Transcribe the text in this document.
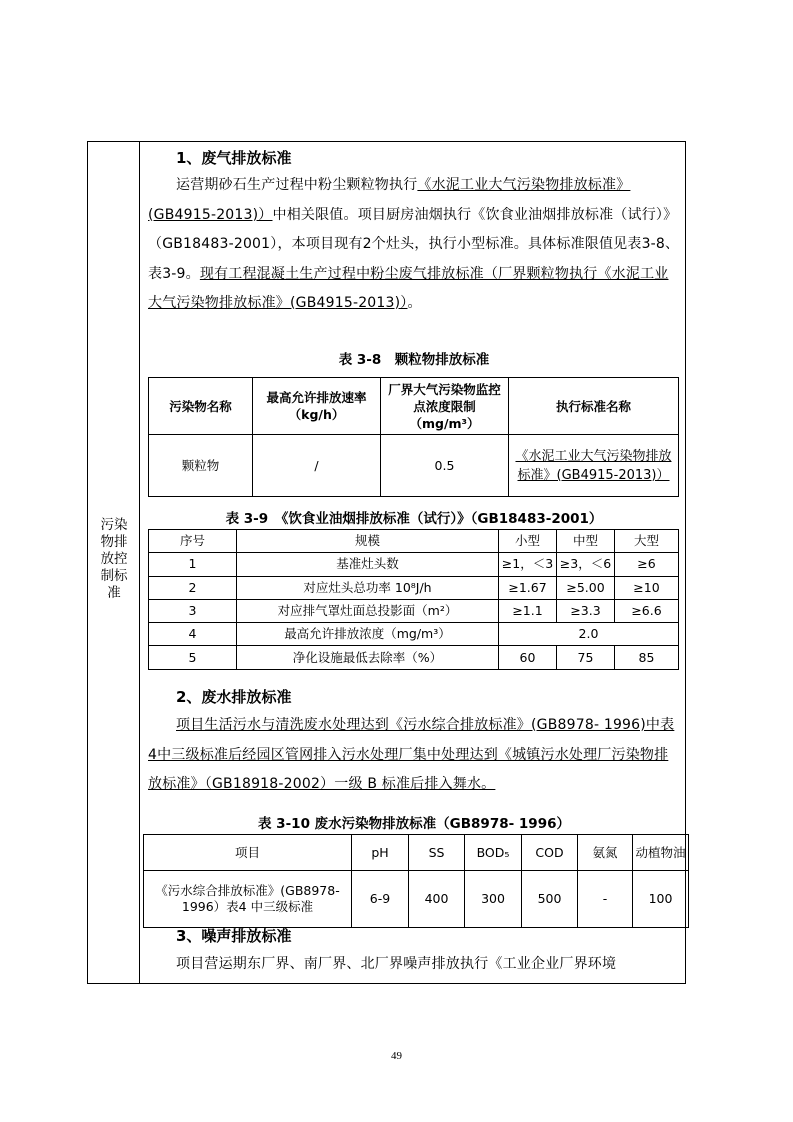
污染物排放控制标准
1、废气排放标准
运营期砂石生产过程中粉尘颗粒物执行《水泥工业大气污染物排放标准》(GB4915-2013)）中相关限值。项目厨房油烟执行《饮食业油烟排放标准（试行）》（GB18483-2001），本项目现有2个灶头，执行小型标准。具体标准限值见表3-8、表3-9。现有工程混凝土生产过程中粉尘废气排放标准（厂界颗粒物执行《水泥工业大气污染物排放标准》(GB4915-2013)）。
表 3-8　颗粒物排放标准
污染物名称	最高允许排放速率（kg/h）	厂界大气污染物监控点浓度限制（mg/m³）	执行标准名称
颗粒物	/	0.5	《水泥工业大气污染物排放标准》(GB4915-2013)）
表 3-9　《饮食业油烟排放标准（试行）》（GB18483-2001）
序号	规模	小型	中型	大型
1	基准灶头数	≥1，＜3	≥3，＜6	≥6
2	对应灶头总功率 10⁸J/h	≥1.67	≥5.00	≥10
3	对应排气罩灶面总投影面（m²）	≥1.1	≥3.3	≥6.6
4	最高允许排放浓度（mg/m³）	2.0		
5	净化设施最低去除率（%）	60	75	85
2、废水排放标准
项目生活污水与清洗废水处理达到《污水综合排放标准》(GB8978- 1996)中表4中三级标准后经园区管网排入污水处理厂集中处理达到《城镇污水处理厂污染物排放标准》（GB18918-2002）一级 B 标准后排入舞水。
表 3-10 废水污染物排放标准（GB8978- 1996）
项目	pH	SS	BOD₅	COD	氨氮	动植物油
《污水综合排放标准》(GB8978- 1996）表4 中三级标准	6-9	400	300	500	-	100
3、噪声排放标准
项目营运期东厂界、南厂界、北厂界噪声排放执行《工业企业厂界环境
49
